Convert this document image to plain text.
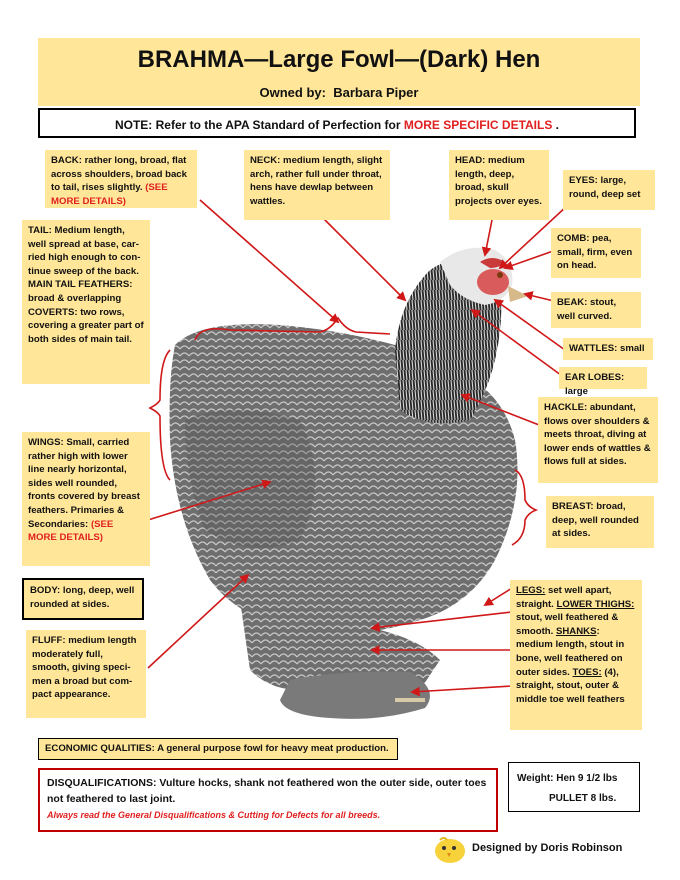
BRAHMA—Large Fowl—(Dark) Hen
Owned by: Barbara Piper
NOTE: Refer to the APA Standard of Perfection for MORE SPECIFIC DETAILS .
BACK: rather long, broad, flat across shoulders, broad back to tail, rises slightly. (SEE MORE DETAILS)
NECK: medium length, slight arch, rather full under throat, hens have dewlap between wattles.
HEAD: medium length, deep, broad, skull projects over eyes.
EYES: large, round, deep set
COMB: pea, small, firm, even on head.
BEAK: stout, well curved.
WATTLES: small
EAR LOBES: large
HACKLE: abundant, flows over shoulders & meets throat, diving at lower ends of wattles & flows full at sides.
BREAST: broad, deep, well rounded at sides.
TAIL: Medium length, well spread at base, car-ried high enough to con-tinue sweep of the back. MAIN TAIL FEATHERS: broad & overlapping COVERTS: two rows, covering a greater part of both sides of main tail.
WINGS: Small, carried rather high with lower line nearly horizontal, sides well rounded, fronts covered by breast feathers. Primaries & Secondaries: (SEE MORE DETAILS)
BODY: long, deep, well rounded at sides.
FLUFF: medium length moderately full, smooth, giving speci-men a broad but com-pact appearance.
LEGS: set well apart, straight. LOWER THIGHS: stout, well feathered & smooth. SHANKS: medium length, stout in bone, well feathered on outer sides. TOES: (4), straight, stout, outer & middle toe well feathers
ECONOMIC QUALITIES: A general purpose fowl for heavy meat production.
DISQUALIFICATIONS: Vulture hocks, shank not feathered won the outer side, outer toes not feathered to last joint.
Always read the General Disqualifications & Cutting for Defects for all breeds.
Weight: Hen 9 1/2 lbs
PULLET 8 lbs.
Designed by Doris Robinson
